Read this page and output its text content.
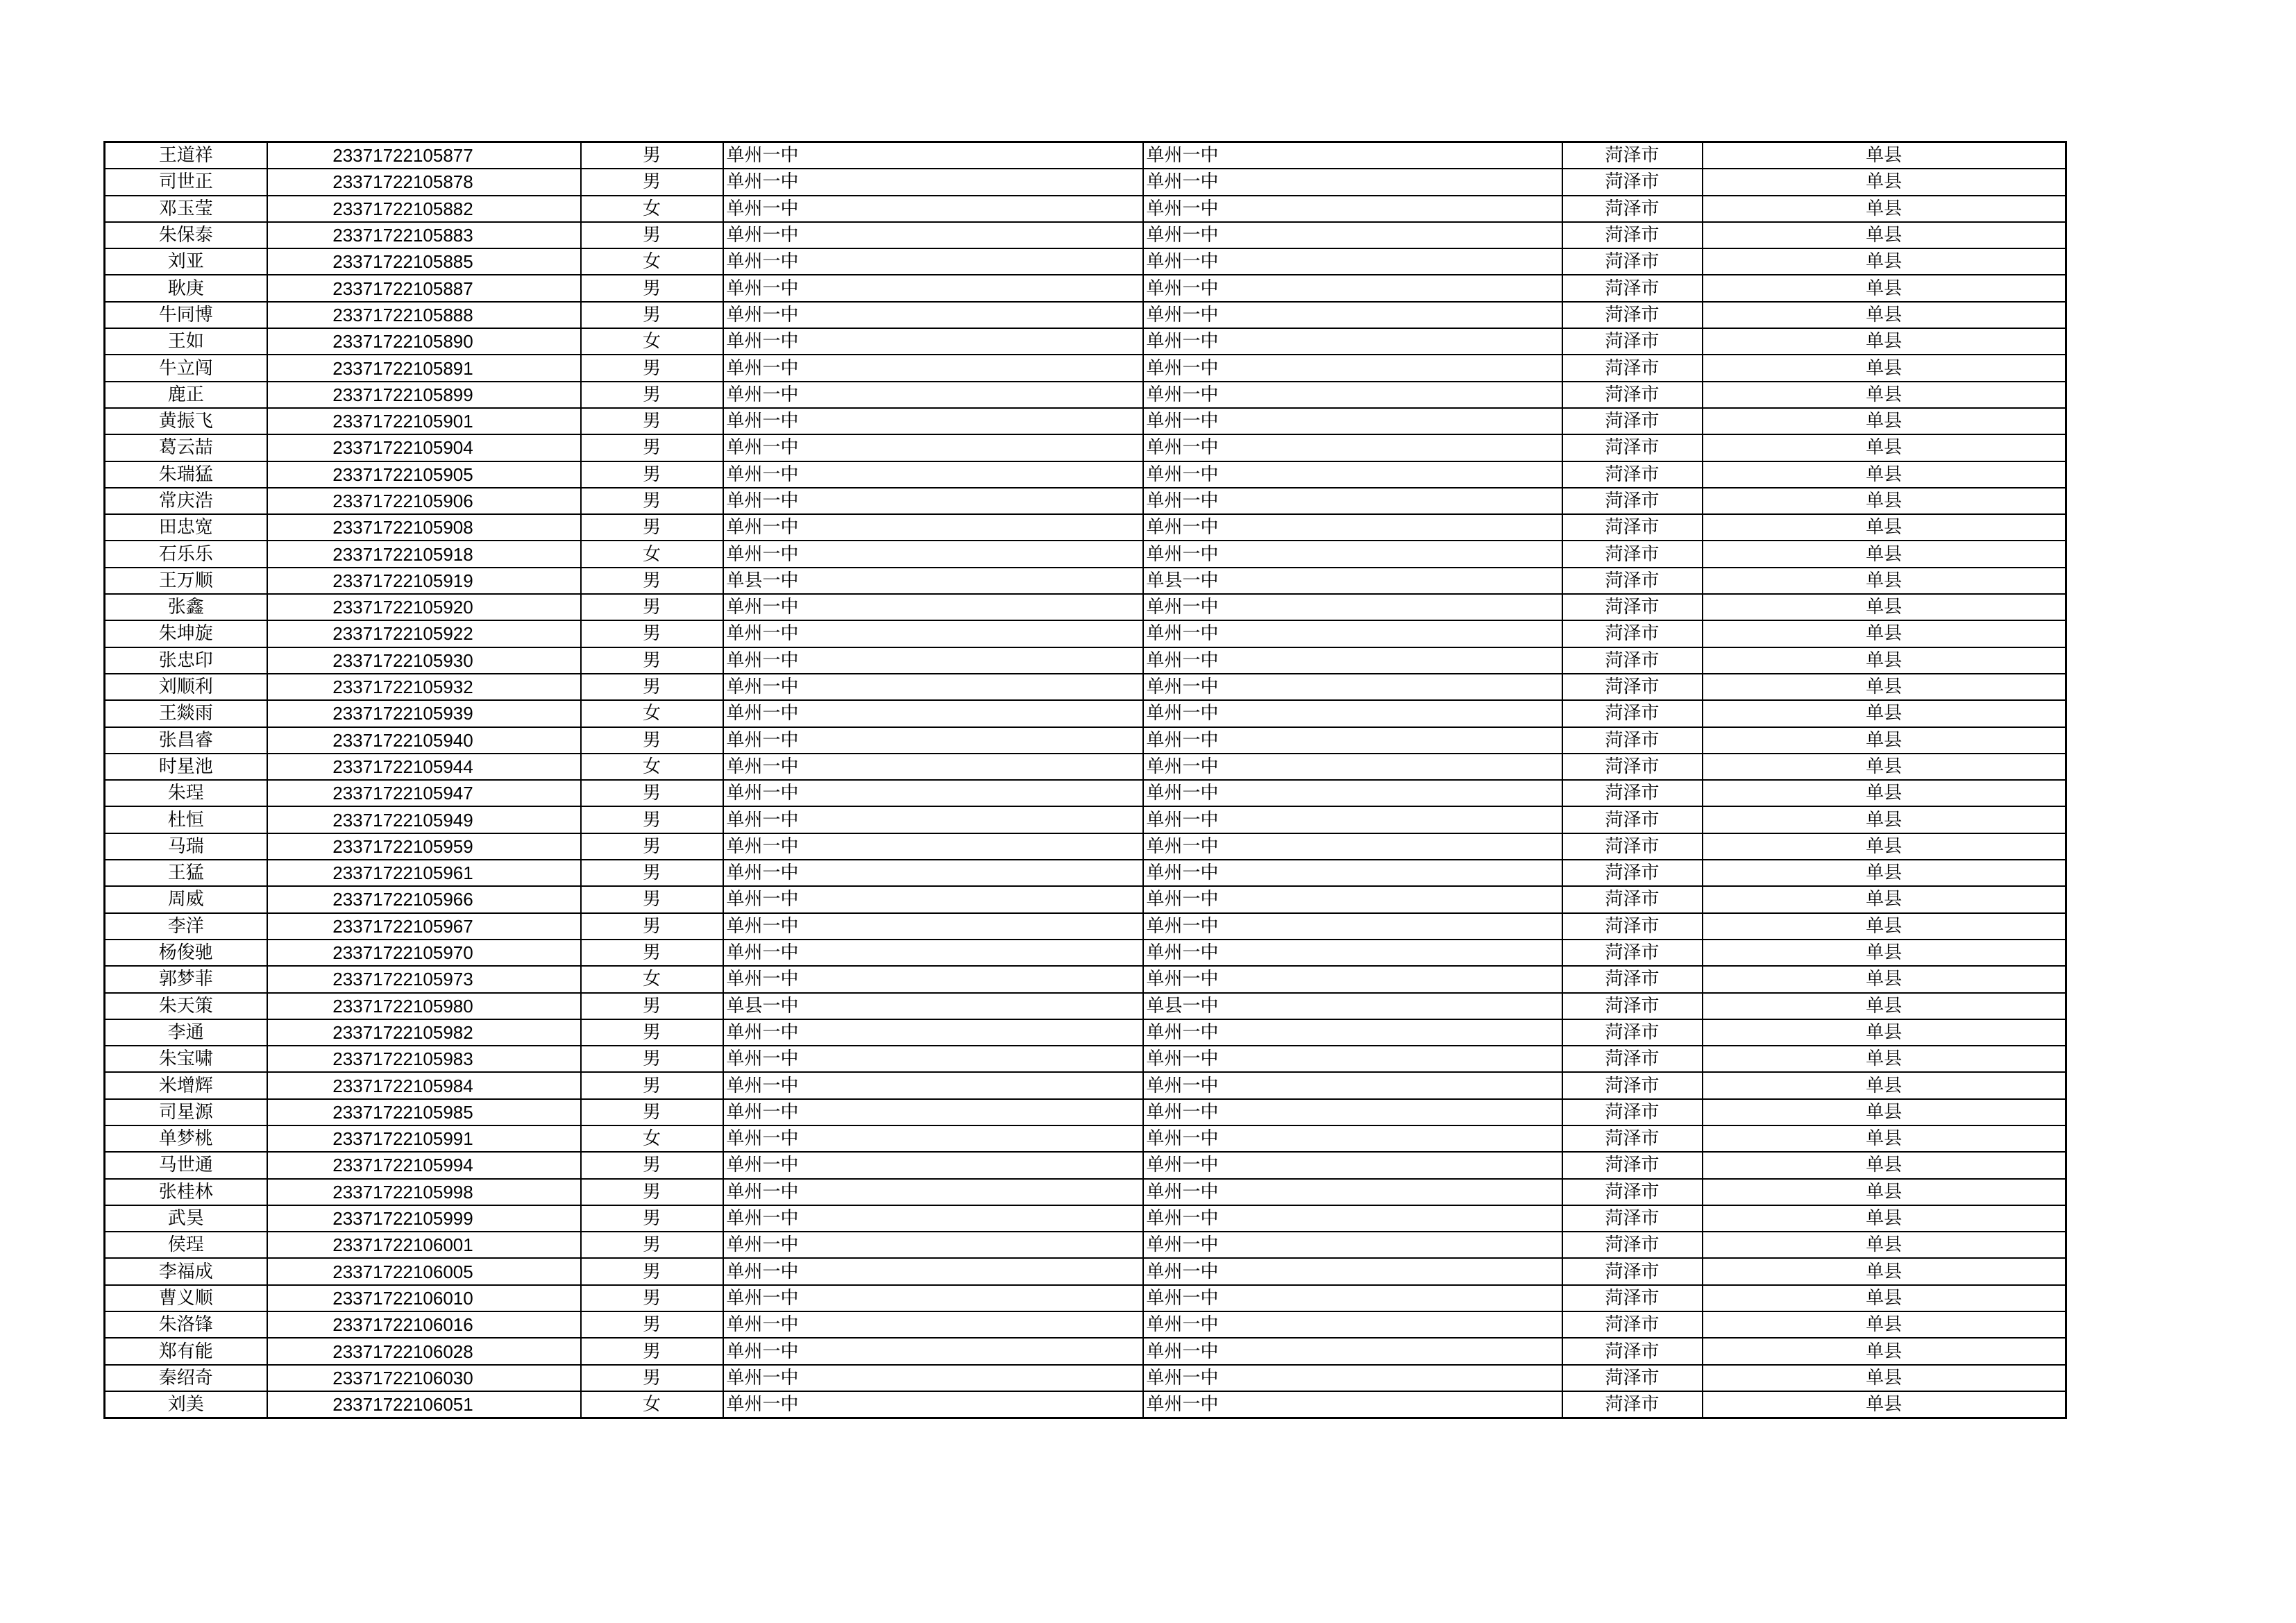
王道祥	23371722105877	男	单州一中	单州一中	菏泽市	单县
司世正	23371722105878	男	单州一中	单州一中	菏泽市	单县
邓玉莹	23371722105882	女	单州一中	单州一中	菏泽市	单县
朱保泰	23371722105883	男	单州一中	单州一中	菏泽市	单县
刘亚	23371722105885	女	单州一中	单州一中	菏泽市	单县
耿庚	23371722105887	男	单州一中	单州一中	菏泽市	单县
牛同博	23371722105888	男	单州一中	单州一中	菏泽市	单县
王如	23371722105890	女	单州一中	单州一中	菏泽市	单县
牛立闯	23371722105891	男	单州一中	单州一中	菏泽市	单县
鹿正	23371722105899	男	单州一中	单州一中	菏泽市	单县
黄振飞	23371722105901	男	单州一中	单州一中	菏泽市	单县
葛云喆	23371722105904	男	单州一中	单州一中	菏泽市	单县
朱瑞猛	23371722105905	男	单州一中	单州一中	菏泽市	单县
常庆浩	23371722105906	男	单州一中	单州一中	菏泽市	单县
田忠宽	23371722105908	男	单州一中	单州一中	菏泽市	单县
石乐乐	23371722105918	女	单州一中	单州一中	菏泽市	单县
王万顺	23371722105919	男	单县一中	单县一中	菏泽市	单县
张鑫	23371722105920	男	单州一中	单州一中	菏泽市	单县
朱坤旋	23371722105922	男	单州一中	单州一中	菏泽市	单县
张忠印	23371722105930	男	单州一中	单州一中	菏泽市	单县
刘顺利	23371722105932	男	单州一中	单州一中	菏泽市	单县
王燚雨	23371722105939	女	单州一中	单州一中	菏泽市	单县
张昌睿	23371722105940	男	单州一中	单州一中	菏泽市	单县
时星池	23371722105944	女	单州一中	单州一中	菏泽市	单县
朱珵	23371722105947	男	单州一中	单州一中	菏泽市	单县
杜恒	23371722105949	男	单州一中	单州一中	菏泽市	单县
马瑞	23371722105959	男	单州一中	单州一中	菏泽市	单县
王猛	23371722105961	男	单州一中	单州一中	菏泽市	单县
周威	23371722105966	男	单州一中	单州一中	菏泽市	单县
李洋	23371722105967	男	单州一中	单州一中	菏泽市	单县
杨俊驰	23371722105970	男	单州一中	单州一中	菏泽市	单县
郭梦菲	23371722105973	女	单州一中	单州一中	菏泽市	单县
朱天策	23371722105980	男	单县一中	单县一中	菏泽市	单县
李通	23371722105982	男	单州一中	单州一中	菏泽市	单县
朱宝啸	23371722105983	男	单州一中	单州一中	菏泽市	单县
米增辉	23371722105984	男	单州一中	单州一中	菏泽市	单县
司星源	23371722105985	男	单州一中	单州一中	菏泽市	单县
单梦桃	23371722105991	女	单州一中	单州一中	菏泽市	单县
马世通	23371722105994	男	单州一中	单州一中	菏泽市	单县
张桂林	23371722105998	男	单州一中	单州一中	菏泽市	单县
武昊	23371722105999	男	单州一中	单州一中	菏泽市	单县
侯珵	23371722106001	男	单州一中	单州一中	菏泽市	单县
李福成	23371722106005	男	单州一中	单州一中	菏泽市	单县
曹义顺	23371722106010	男	单州一中	单州一中	菏泽市	单县
朱洛锋	23371722106016	男	单州一中	单州一中	菏泽市	单县
郑有能	23371722106028	男	单州一中	单州一中	菏泽市	单县
秦绍奇	23371722106030	男	单州一中	单州一中	菏泽市	单县
刘美	23371722106051	女	单州一中	单州一中	菏泽市	单县
